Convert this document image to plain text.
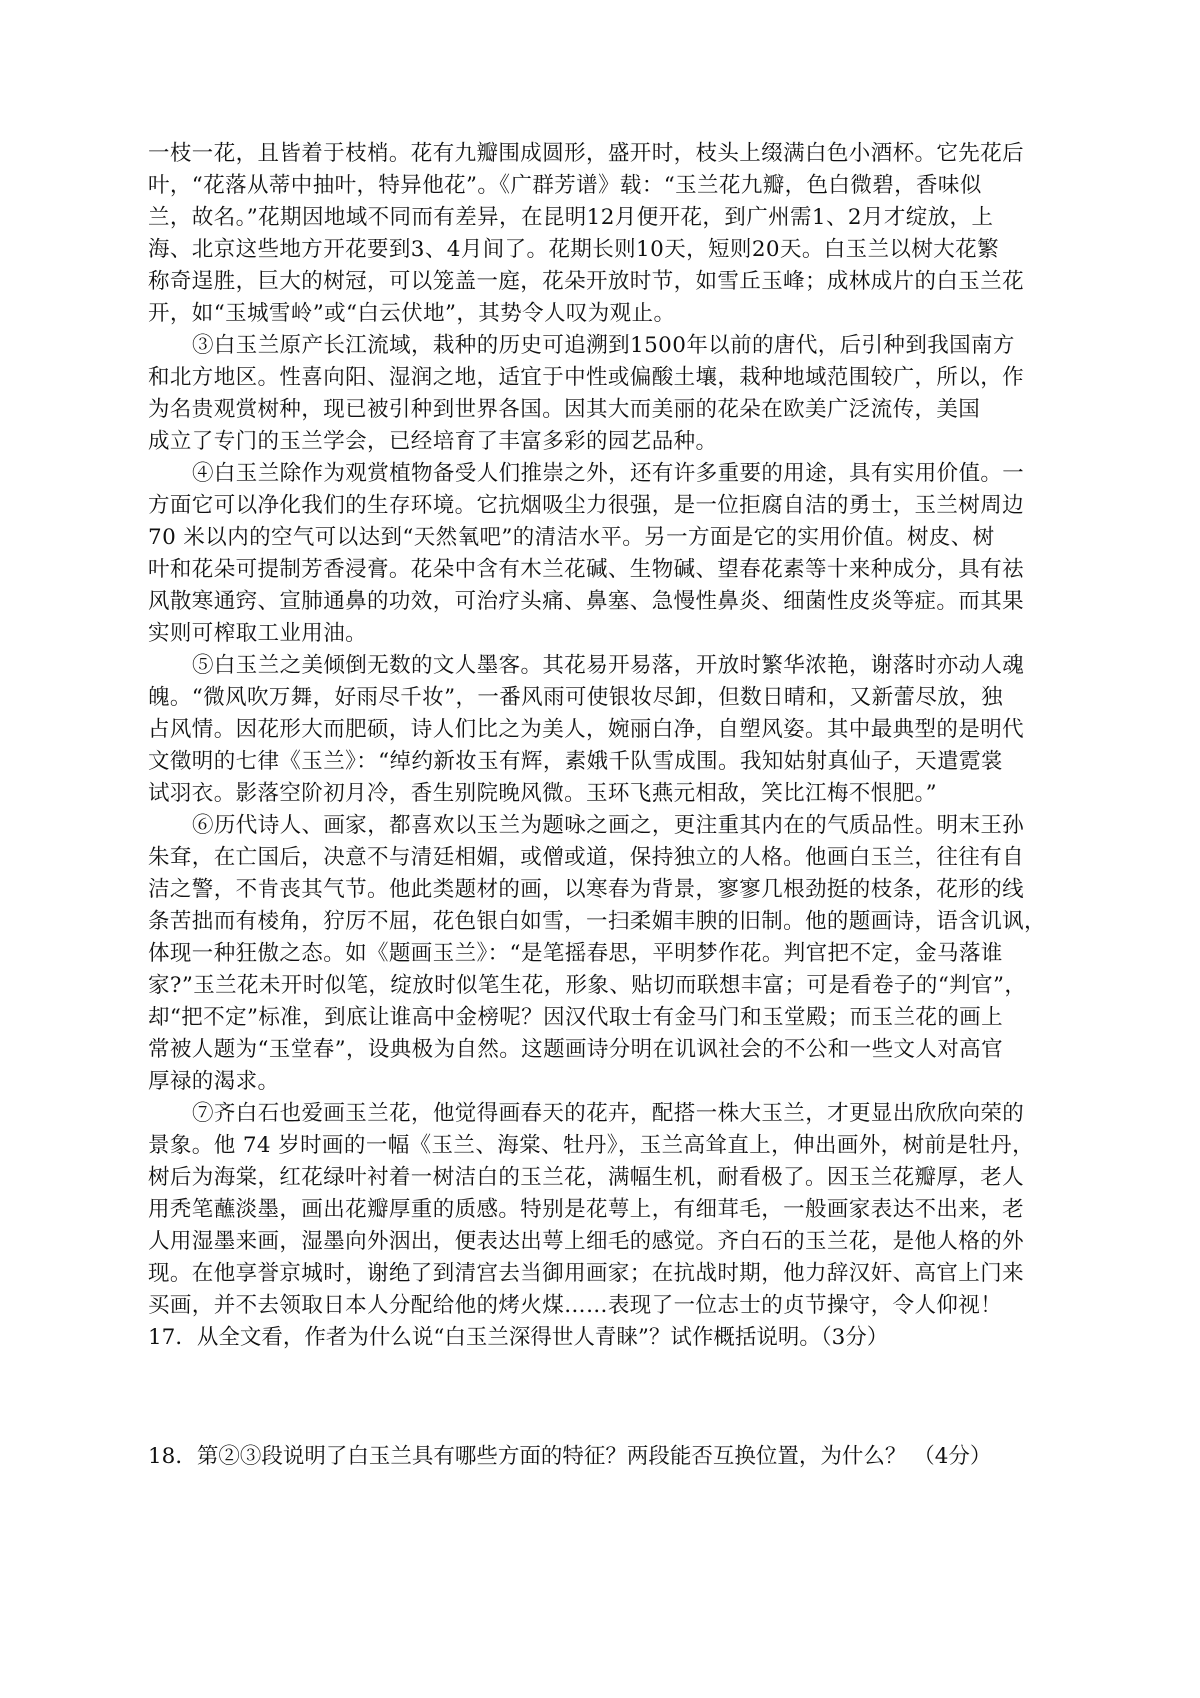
一枝一花，且皆着于枝梢。花有九瓣围成圆形，盛开时，枝头上缀满白色小酒杯。它先花后
叶，“花落从蒂中抽叶，特异他花”。《广群芳谱》载：“玉兰花九瓣，色白微碧，香味似
兰，故名。”花期因地域不同而有差异，在昆明12月便开花，到广州需1、2月才绽放，上
海、北京这些地方开花要到3、4月间了。花期长则10天，短则20天。白玉兰以树大花繁
称奇逞胜，巨大的树冠，可以笼盖一庭，花朵开放时节，如雪丘玉峰；成林成片的白玉兰花
开，如“玉城雪岭”或“白云伏地”，其势令人叹为观止。
③白玉兰原产长江流域，栽种的历史可追溯到1500年以前的唐代，后引种到我国南方
和北方地区。性喜向阳、湿润之地，适宜于中性或偏酸土壤，栽种地域范围较广，所以，作
为名贵观赏树种，现已被引种到世界各国。因其大而美丽的花朵在欧美广泛流传，美国
成立了专门的玉兰学会，已经培育了丰富多彩的园艺品种。
④白玉兰除作为观赏植物备受人们推崇之外，还有许多重要的用途，具有实用价值。一
方面它可以净化我们的生存环境。它抗烟吸尘力很强，是一位拒腐自洁的勇士，玉兰树周边
70 米以内的空气可以达到“天然氧吧”的清洁水平。另一方面是它的实用价值。树皮、树
叶和花朵可提制芳香浸膏。花朵中含有木兰花碱、生物碱、望春花素等十来种成分，具有祛
风散寒通窍、宣肺通鼻的功效，可治疗头痛、鼻塞、急慢性鼻炎、细菌性皮炎等症。而其果
实则可榨取工业用油。
⑤白玉兰之美倾倒无数的文人墨客。其花易开易落，开放时繁华浓艳，谢落时亦动人魂
魄。“微风吹万舞，好雨尽千妆”，一番风雨可使银妆尽卸，但数日晴和，又新蕾尽放，独
占风情。因花形大而肥硕，诗人们比之为美人，婉丽白净，自塑风姿。其中最典型的是明代
文徵明的七律《玉兰》：“绰约新妆玉有辉，素娥千队雪成围。我知姑射真仙子，天遣霓裳
试羽衣。影落空阶初月冷，香生别院晚风微。玉环飞燕元相敌，笑比江梅不恨肥。”
⑥历代诗人、画家，都喜欢以玉兰为题咏之画之，更注重其内在的气质品性。明末王孙
朱耷，在亡国后，决意不与清廷相媚，或僧或道，保持独立的人格。他画白玉兰，往往有自
洁之警，不肯丧其气节。他此类题材的画，以寒春为背景，寥寥几根劲挺的枝条，花形的线
条苦拙而有棱角，狞厉不屈，花色银白如雪，一扫柔媚丰腴的旧制。他的题画诗，语含讥讽，
体现一种狂傲之态。如《题画玉兰》：“是笔摇春思，平明梦作花。判官把不定，金马落谁
家?”玉兰花未开时似笔，绽放时似笔生花，形象、贴切而联想丰富；可是看卷子的“判官”，
却“把不定”标准，到底让谁高中金榜呢？因汉代取士有金马门和玉堂殿；而玉兰花的画上
常被人题为“玉堂春”，设典极为自然。这题画诗分明在讥讽社会的不公和一些文人对高官
厚禄的渴求。
⑦齐白石也爱画玉兰花，他觉得画春天的花卉，配搭一株大玉兰，才更显出欣欣向荣的
景象。他 74 岁时画的一幅《玉兰、海棠、牡丹》，玉兰高耸直上，伸出画外，树前是牡丹，
树后为海棠，红花绿叶衬着一树洁白的玉兰花，满幅生机，耐看极了。因玉兰花瓣厚，老人
用秃笔蘸淡墨，画出花瓣厚重的质感。特别是花萼上，有细茸毛，一般画家表达不出来，老
人用湿墨来画，湿墨向外洇出，便表达出萼上细毛的感觉。齐白石的玉兰花，是他人格的外
现。在他享誉京城时，谢绝了到清宫去当御用画家；在抗战时期，他力辞汉奸、高官上门来
买画，并不去领取日本人分配给他的烤火煤……表现了一位志士的贞节操守，令人仰视！
17．从全文看，作者为什么说“白玉兰深得世人青睐”？试作概括说明。（3分）
18．第②③段说明了白玉兰具有哪些方面的特征？两段能否互换位置，为什么？ （4分）
